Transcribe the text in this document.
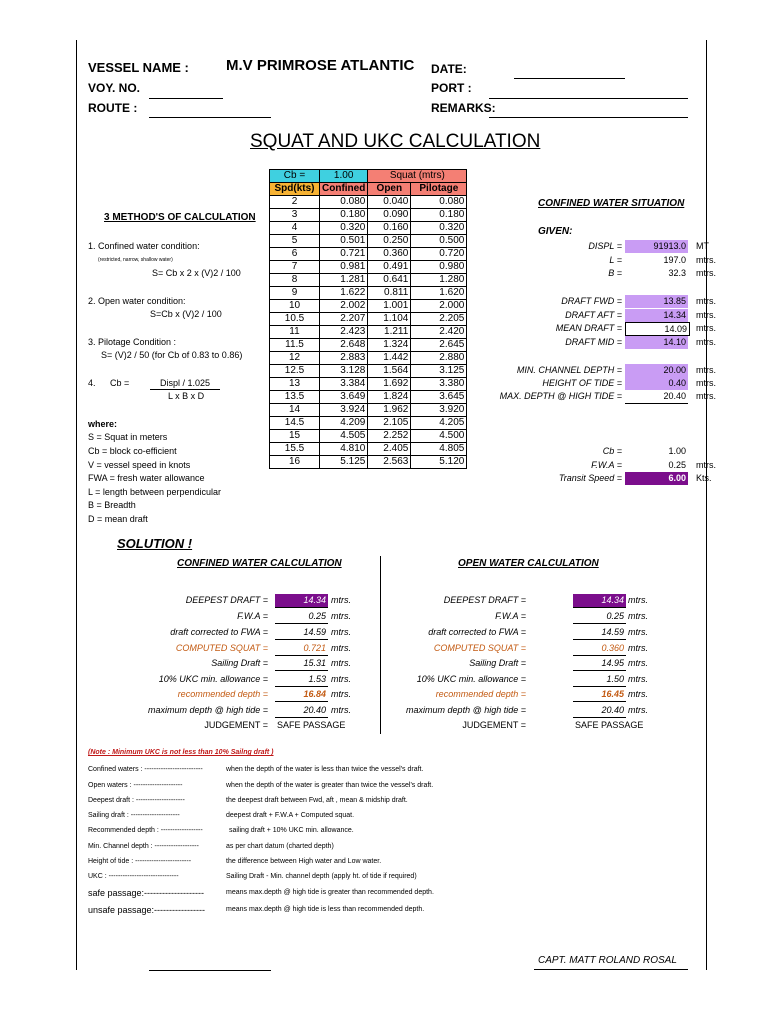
VESSEL NAME : M.V PRIMROSE ATLANTIC DATE:
VOY. NO.	PORT :
ROUTE :	REMARKS:
SQUAT AND UKC CALCULATION
3 METHOD'S OF CALCULATION
1. Confined water condition:
(restricted, narrow, shallow water)
S= Cb x 2 x (V)2 / 100
2. Open water condition:
S=Cb x (V)2 / 100
3. Pilotage Condition :
S= (V)2 / 50 (for Cb of 0.83 to 0.86)
4. Cb =	Displ / 1.025
L x B x D
where:
S = Squat in meters
Cb = block co-efficient
V = vessel speed in knots
FWA = fresh water allowance
L = length between perpendicular
B = Breadth
D = mean draft
Cb =	1.00	Squat (mtrs)	
Spd(kts)	Confined	Open	Pilotage
2	0.080	0.040	0.080
3	0.180	0.090	0.180
4	0.320	0.160	0.320
5	0.501	0.250	0.500
6	0.721	0.360	0.720
7	0.981	0.491	0.980
8	1.281	0.641	1.280
9	1.622	0.811	1.620
10	2.002	1.001	2.000
10.5	2.207	1.104	2.205
11	2.423	1.211	2.420
11.5	2.648	1.324	2.645
12	2.883	1.442	2.880
12.5	3.128	1.564	3.125
13	3.384	1.692	3.380
13.5	3.649	1.824	3.645
14	3.924	1.962	3.920
14.5	4.209	2.105	4.205
15	4.505	2.252	4.500
15.5	4.810	2.405	4.805
16	5.125	2.563	5.120
CONFINED WATER SITUATION
GIVEN:
DISPL =	91913.0 MT
L =	197.0 mtrs.
B =	32.3 mtrs.
DRAFT FWD =	13.85 mtrs.
DRAFT AFT =	14.34 mtrs.
MEAN DRAFT =	14.09	mtrs.
DRAFT MID =	14.10 mtrs.
MIN. CHANNEL DEPTH =	20.00 mtrs.
HEIGHT OF TIDE =	0.40 mtrs.
MAX. DEPTH @ HIGH TIDE =	20.40 mtrs.
Cb =	1.00
F.W.A =	0.25 mtrs.
Transit Speed =	6.00 Kts.
SOLUTION !
CONFINED WATER CALCULATION	OPEN WATER CALCULATION
DEEPEST DRAFT =	14.34 mtrs.
F.W.A =	0.25 mtrs.
draft corrected to FWA =	14.59 mtrs.
COMPUTED SQUAT =	0.721 mtrs.
Sailing Draft =	15.31 mtrs.
10% UKC min. allowance =	1.53 mtrs.
recommended depth =	16.84 mtrs.
maximum depth @ high tide =	20.40 mtrs.
JUDGEMENT = SAFE PASSAGE
DEEPEST DRAFT =	14.34 mtrs.
F.W.A =	0.25 mtrs.
draft corrected to FWA =	14.59 mtrs.
COMPUTED SQUAT =	0.360 mtrs.
Sailing Draft =	14.95 mtrs.
10% UKC min. allowance =	1.50 mtrs.
recommended depth =	16.45 mtrs.
maximum depth @ high tide =	20.40 mtrs.
JUDGEMENT =	SAFE PASSAGE
(Note : Minimum UKC is not less than 10% Sailng draft )
Confined waters : -------------------------	when the depth of the water is less than twice the vessel's draft.
Open waters : ---------------------	when the depth of the water is greater than twice the vessel's draft.
Deepest draft : ---------------------	the deepest draft between Fwd, aft , mean & midship draft.
Sailing draft : ---------------------	deepest draft + F.W.A + Computed squat.
Recommended depth : ------------------	sailing draft + 10% UKC min. allowance.
Min. Channel depth : -------------------	as per chart datum (charted depth)
Height of tide : ------------------------	the difference between High water and Low water.
UKC : ------------------------------	Sailing Draft - Min. channel depth (apply ht. of tide if required)
safe passage:--------------------	means max.depth @ high tide is greater than recommended depth.
unsafe passage:-----------------	means max.depth @ high tide is less than recommended depth.
CAPT. MATT ROLAND ROSAL
